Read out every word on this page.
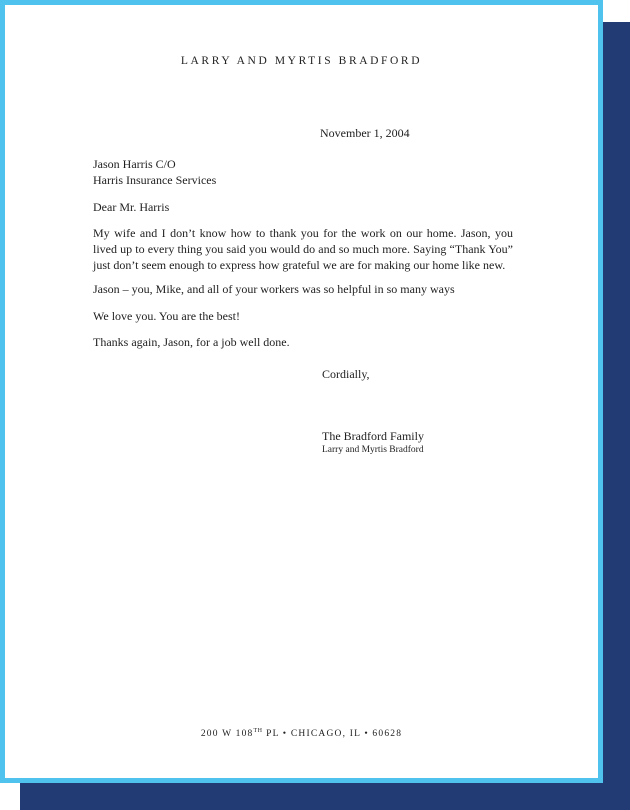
LARRY AND MYRTIS BRADFORD
November 1, 2004
Jason Harris C/O
Harris Insurance Services
Dear Mr. Harris
My wife and I don’t know how to thank you for the work on our home. Jason, you lived up to every thing you said you would do and so much more. Saying “Thank You” just don’t seem enough to express how grateful we are for making our home like new.
Jason – you, Mike, and all of your workers was so helpful in so many ways
We love you. You are the best!
Thanks again, Jason, for a job well done.
Cordially,
The Bradford Family
Larry and Myrtis Bradford
200 W 108TH PL • CHICAGO, IL • 60628
